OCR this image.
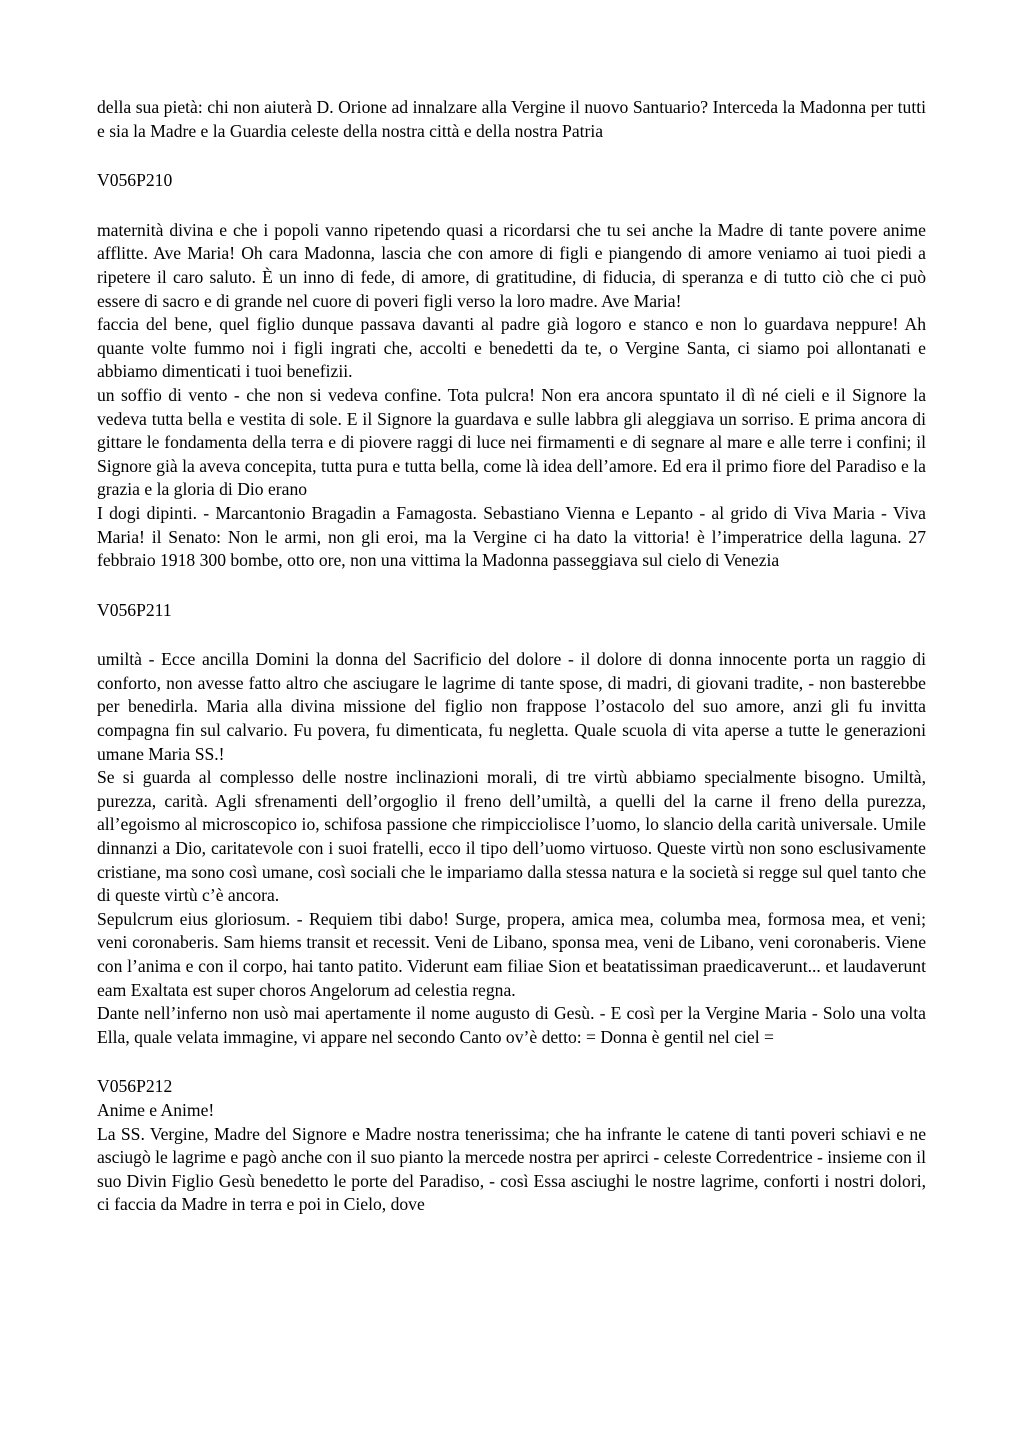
della sua pietà: chi non aiuterà D. Orione ad innalzare alla Vergine il nuovo Santuario? Interceda la Madonna per tutti e sia la Madre e la Guardia celeste della nostra città e della nostra Patria

V056P210

maternità divina e che i popoli vanno ripetendo quasi a ricordarsi che tu sei anche la Madre di tante povere anime afflitte. Ave Maria! Oh cara Madonna, lascia che con amore di figli e piangendo di amore veniamo ai tuoi piedi a ripetere il caro saluto. È un inno di fede, di amore, di gratitudine, di fiducia, di speranza e di tutto ciò che ci può essere di sacro e di grande nel cuore di poveri figli verso la loro madre. Ave Maria!

faccia del bene, quel figlio dunque passava davanti al padre già logoro e stanco e non lo guardava neppure! Ah quante volte fummo noi i figli ingrati che, accolti e benedetti da te, o Vergine Santa, ci siamo poi allontanati e abbiamo dimenticati i tuoi benefizii.

un soffio di vento - che non si vedeva confine. Tota pulcra! Non era ancora spuntato il dì né cieli e il Signore la vedeva tutta bella e vestita di sole. E il Signore la guardava e sulle labbra gli aleggiava un sorriso. E prima ancora di gittare le fondamenta della terra e di piovere raggi di luce nei firmamenti e di segnare al mare e alle terre i confini; il Signore già la aveva concepita, tutta pura e tutta bella, come là idea dell’amore. Ed era il primo fiore del Paradiso e la grazia e la gloria di Dio erano

I dogi dipinti. - Marcantonio Bragadin a Famagosta. Sebastiano Vienna e Lepanto - al grido di Viva Maria - Viva Maria! il Senato: Non le armi, non gli eroi, ma la Vergine ci ha dato la vittoria! è l’imperatrice della laguna. 27 febbraio 1918 300 bombe, otto ore, non una vittima la Madonna passeggiava sul cielo di Venezia

V056P211

umiltà - Ecce ancilla Domini la donna del Sacrificio del dolore - il dolore di donna innocente porta un raggio di conforto, non avesse fatto altro che asciugare le lagrime di tante spose, di madri, di giovani tradite, - non basterebbe per benedirla. Maria alla divina missione del figlio non frappose l’ostacolo del suo amore, anzi gli fu invitta compagna fin sul calvario. Fu povera, fu dimenticata, fu negletta. Quale scuola di vita aperse a tutte le generazioni umane Maria SS.!

Se si guarda al complesso delle nostre inclinazioni morali, di tre virtù abbiamo specialmente bisogno. Umiltà, purezza, carità. Agli sfrenamenti dell’orgoglio il freno dell’umiltà, a quelli del la carne il freno della purezza, all’egoismo al microscopico io, schifosa passione che rimpicciolisce l’uomo, lo slancio della carità universale. Umile dinnanzi a Dio, caritatevole con i suoi fratelli, ecco il tipo dell’uomo virtuoso. Queste virtù non sono esclusivamente cristiane, ma sono così umane, così sociali che le impariamo dalla stessa natura e la società si regge sul quel tanto che di queste virtù c’è ancora.

Sepulcrum eius gloriosum. - Requiem tibi dabo! Surge, propera, amica mea, columba mea, formosa mea, et veni; veni coronaberis. Sam hiems transit et recessit. Veni de Libano, sponsa mea, veni de Libano, veni coronaberis. Viene con l’anima e con il corpo, hai tanto patito. Viderunt eam filiae Sion et beatatissiman praedicaverunt... et laudaverunt eam Exaltata est super choros Angelorum ad celestia regna.

Dante nell’inferno non usò mai apertamente il nome augusto di Gesù. - E così per la Vergine Maria - Solo una volta Ella, quale velata immagine, vi appare nel secondo Canto ov’è detto: = Donna è gentil nel ciel =

V056P212

Anime e Anime!

La SS. Vergine, Madre del Signore e Madre nostra tenerissima; che ha infrante le catene di tanti poveri schiavi e ne asciugò le lagrime e pagò anche con il suo pianto la mercede nostra per aprirci - celeste Corredentrice - insieme con il suo Divin Figlio Gesù benedetto le porte del Paradiso, - così Essa asciughi le nostre lagrime, conforti i nostri dolori, ci faccia da Madre in terra e poi in Cielo, dove
